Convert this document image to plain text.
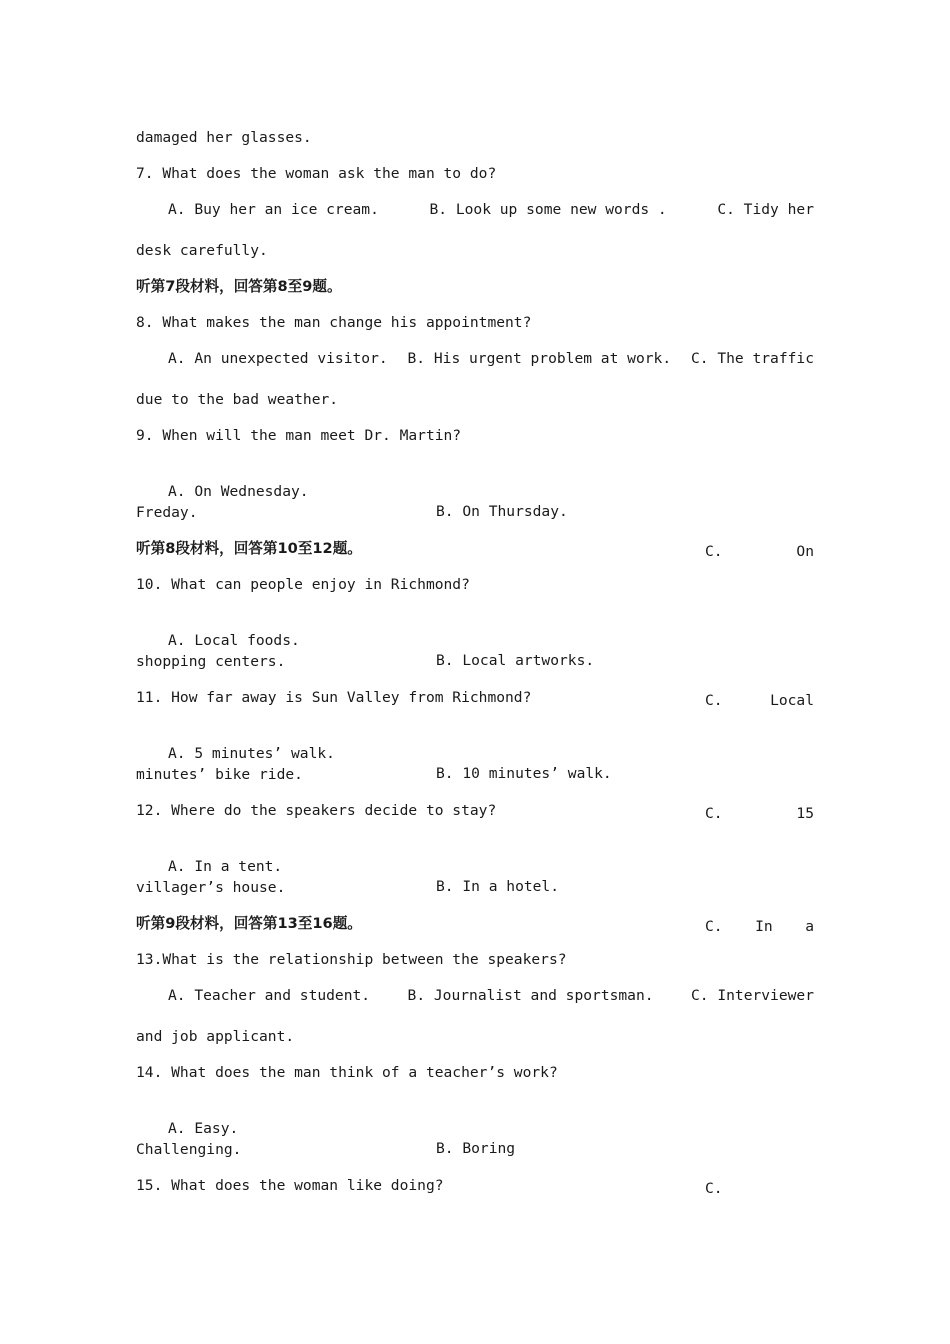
damaged her glasses.
7. What does the woman ask the man to do?
A. Buy her an ice cream.	B. Look up some new words .	C. Tidy her
desk carefully.
听第7段材料，回答第8至9题。
8. What makes the man change his appointment?
A. An unexpected visitor. B. His urgent problem at work. C. The traffic
due to the bad weather.
9. When will the man meet Dr. Martin?

A. On Wednesday.

B. On Thursday.

C.	On

Freday.
听第8段材料，回答第10至12题。
10. What can people enjoy in Richmond?

A. Local foods.

B. Local artworks.

C.	Local

shopping centers.
11. How far away is Sun Valley from Richmond?

A. 5 minutes’ walk.

B. 10 minutes’ walk.

C.	15

minutes’ bike ride.
12. Where do the speakers decide to stay?

A. In a tent.

B. In a hotel.

C. In a

villager’s house.
听第9段材料，回答第13至16题。
13.What is the relationship between the speakers?
A. Teacher and student.	B. Journalist and sportsman.	C. Interviewer
and job applicant.
14. What does the man think of a teacher’s work?

A. Easy.

B. Boring

C.

Challenging.
15. What does the woman like doing?
